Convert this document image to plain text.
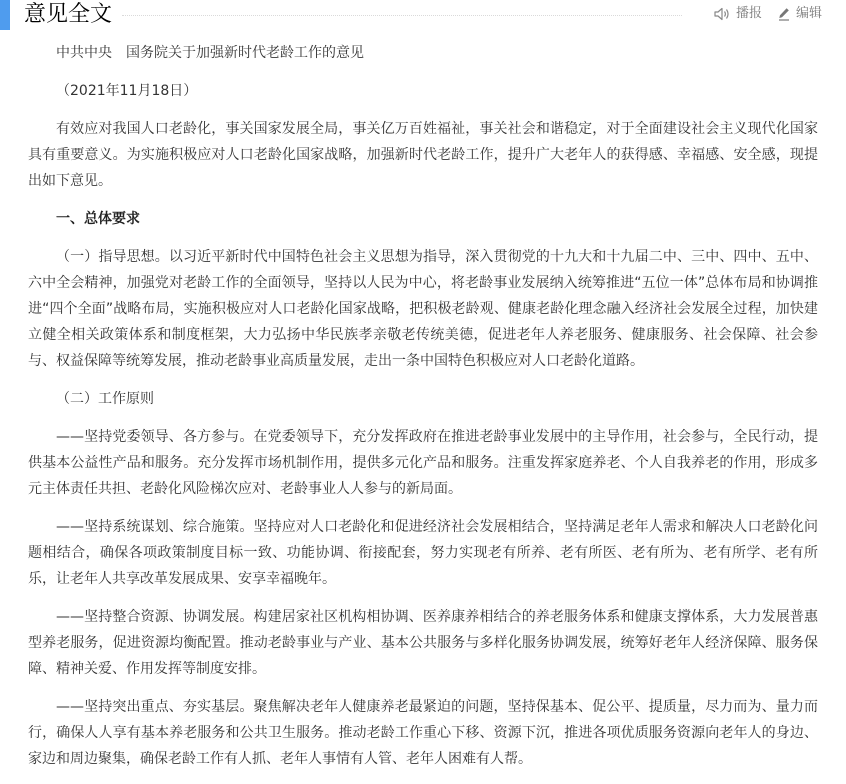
意见全文	播报	编辑

中共中央　国务院关于加强新时代老龄工作的意见

（2021年11月18日）

有效应对我国人口老龄化，事关国家发展全局，事关亿万百姓福祉，事关社会和谐稳定，对于全面建设社会主义现代化国家具有重要意义。为实施积极应对人口老龄化国家战略，加强新时代老龄工作，提升广大老年人的获得感、幸福感、安全感，现提出如下意见。

一、总体要求

（一）指导思想。以习近平新时代中国特色社会主义思想为指导，深入贯彻党的十九大和十九届二中、三中、四中、五中、六中全会精神，加强党对老龄工作的全面领导，坚持以人民为中心，将老龄事业发展纳入统筹推进“五位一体”总体布局和协调推进“四个全面”战略布局，实施积极应对人口老龄化国家战略，把积极老龄观、健康老龄化理念融入经济社会发展全过程，加快建立健全相关政策体系和制度框架，大力弘扬中华民族孝亲敬老传统美德，促进老年人养老服务、健康服务、社会保障、社会参与、权益保障等统筹发展，推动老龄事业高质量发展，走出一条中国特色积极应对人口老龄化道路。

（二）工作原则

——坚持党委领导、各方参与。在党委领导下，充分发挥政府在推进老龄事业发展中的主导作用，社会参与，全民行动，提供基本公益性产品和服务。充分发挥市场机制作用，提供多元化产品和服务。注重发挥家庭养老、个人自我养老的作用，形成多元主体责任共担、老龄化风险梯次应对、老龄事业人人参与的新局面。

——坚持系统谋划、综合施策。坚持应对人口老龄化和促进经济社会发展相结合，坚持满足老年人需求和解决人口老龄化问题相结合，确保各项政策制度目标一致、功能协调、衔接配套，努力实现老有所养、老有所医、老有所为、老有所学、老有所乐，让老年人共享改革发展成果、安享幸福晚年。

——坚持整合资源、协调发展。构建居家社区机构相协调、医养康养相结合的养老服务体系和健康支撑体系，大力发展普惠型养老服务，促进资源均衡配置。推动老龄事业与产业、基本公共服务与多样化服务协调发展，统筹好老年人经济保障、服务保障、精神关爱、作用发挥等制度安排。

——坚持突出重点、夯实基层。聚焦解决老年人健康养老最紧迫的问题，坚持保基本、促公平、提质量，尽力而为、量力而行，确保人人享有基本养老服务和公共卫生服务。推动老龄工作重心下移、资源下沉，推进各项优质服务资源向老年人的身边、家边和周边聚集，确保老龄工作有人抓、老年人事情有人管、老年人困难有人帮。
